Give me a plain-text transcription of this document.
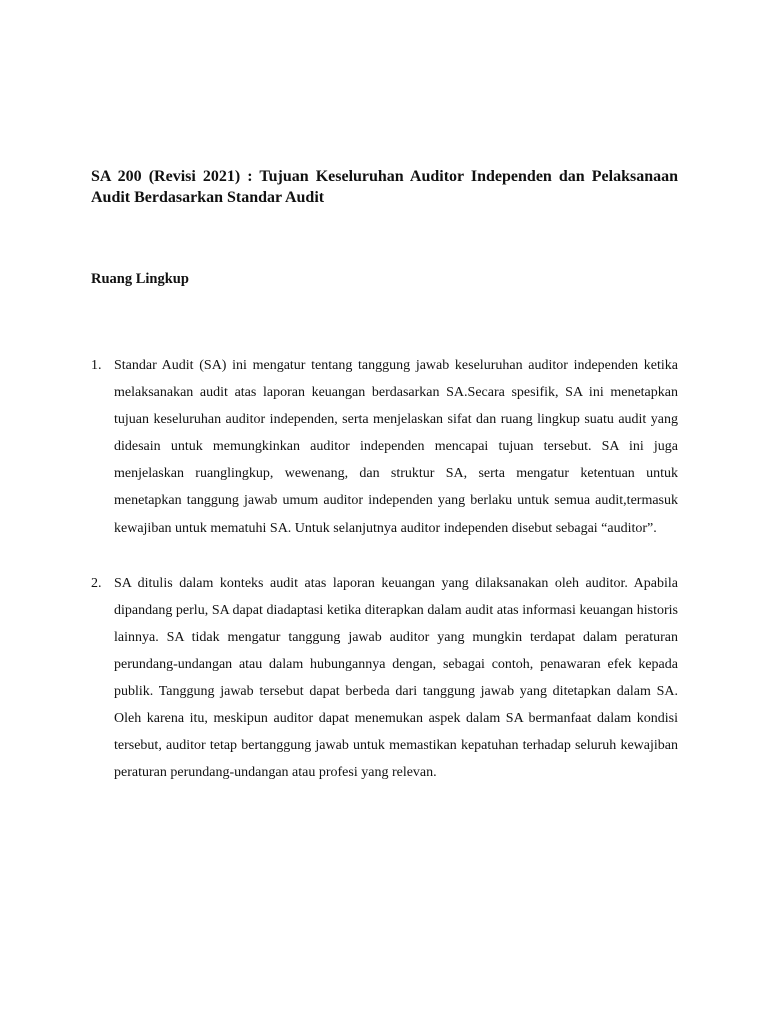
SA 200 (Revisi 2021) : Tujuan Keseluruhan Auditor Independen dan Pelaksanaan Audit Berdasarkan Standar Audit
Ruang Lingkup
1. Standar Audit (SA) ini mengatur tentang tanggung jawab keseluruhan auditor independen ketika melaksanakan audit atas laporan keuangan berdasarkan SA.Secara spesifik, SA ini menetapkan tujuan keseluruhan auditor independen, serta menjelaskan sifat dan ruang lingkup suatu audit yang didesain untuk memungkinkan auditor independen mencapai tujuan tersebut. SA ini juga menjelaskan ruanglingkup, wewenang, dan struktur SA, serta mengatur ketentuan untuk menetapkan tanggung jawab umum auditor independen yang berlaku untuk semua audit,termasuk kewajiban untuk mematuhi SA. Untuk selanjutnya auditor independen disebut sebagai “auditor”.
2. SA ditulis dalam konteks audit atas laporan keuangan yang dilaksanakan oleh auditor. Apabila dipandang perlu, SA dapat diadaptasi ketika diterapkan dalam audit atas informasi keuangan historis lainnya. SA tidak mengatur tanggung jawab auditor yang mungkin terdapat dalam peraturan perundang-undangan atau dalam hubungannya dengan, sebagai contoh, penawaran efek kepada publik. Tanggung jawab tersebut dapat berbeda dari tanggung jawab yang ditetapkan dalam SA. Oleh karena itu, meskipun auditor dapat menemukan aspek dalam SA bermanfaat dalam kondisi tersebut, auditor tetap bertanggung jawab untuk memastikan kepatuhan terhadap seluruh kewajiban peraturan perundang-undangan atau profesi yang relevan.
